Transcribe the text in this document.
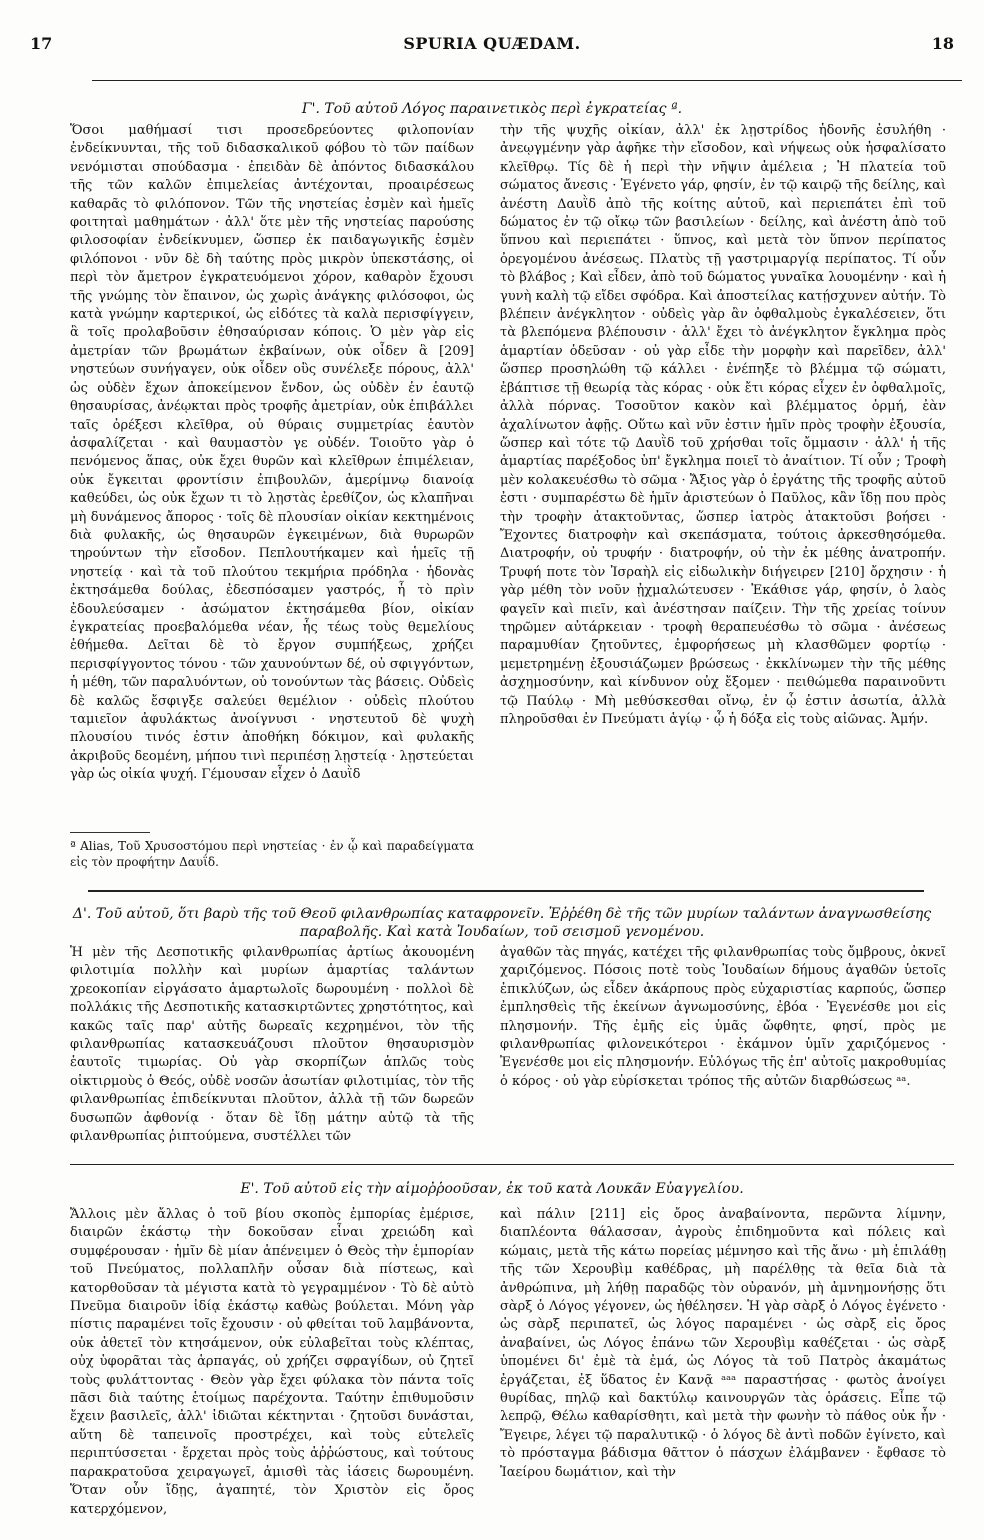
17	SPURIA QUÆDAM.	18
Γ'. Τοῦ αὐτοῦ Λόγος παραινετικὸς περὶ ἐγκρατείας ª.

Ὅσοι μαθήμασί τισι προσεδρεύοντες φιλοπονίαν ἐνδείκνυνται, τῆς τοῦ διδασκαλικοῦ φόβου τὸ τῶν παίδων νενόμισται σπούδασμα · ἐπειδὰν δὲ ἀπόντος διδασκάλου τῆς τῶν καλῶν ἐπιμελείας ἀντέχονται, προαιρέσεως καθαρᾶς τὸ φιλόπονον. Τῶν τῆς νηστείας ἐσμὲν καὶ ἡμεῖς φοιτηταὶ μαθημάτων · ἀλλ' ὅτε μὲν τῆς νηστείας παρούσης φιλοσοφίαν ἐνδείκνυμεν, ὥσπερ ἐκ παιδαγωγικῆς ἐσμὲν φιλόπονοι · νῦν δὲ δὴ ταύτης πρὸς μικρὸν ὑπεκστάσης, οἱ περὶ τὸν ἄμετρον ἐγκρατευόμενοι χόρον, καθαρὸν ἔχουσι τῆς γνώμης τὸν ἔπαινον, ὡς χωρὶς ἀνάγκης φιλόσοφοι, ὡς κατὰ γνώμην καρτερικοί, ὡς εἰδότες τὰ καλὰ περισφίγγειν, ἃ τοῖς προλαβοῦσιν ἐθησαύρισαν κόποις. Ὁ μὲν γὰρ εἰς ἀμετρίαν τῶν βρωμάτων ἐκβαίνων, οὐκ οἶδεν ἃ [209] νηστεύων συνήγαγεν, οὐκ οἶδεν οὓς συνέλεξε πόρους, ἀλλ' ὡς οὐδὲν ἔχων ἀποκείμενον ἔνδον, ὡς οὐδὲν ἐν ἑαυτῷ θησαυρίσας, ἀνέῳκται πρὸς τροφῆς ἀμετρίαν, οὐκ ἐπιβάλλει ταῖς ὀρέξεσι κλεῖθρα, οὐ θύραις συμμετρίας ἑαυτὸν ἀσφαλίζεται · καὶ θαυμαστὸν γε οὐδέν. Τοιοῦτο γὰρ ὁ πενόμενος ἅπας, οὐκ ἔχει θυρῶν καὶ κλεῖθρων ἐπιμέλειαν, οὐκ ἔγκειται φροντίσιν ἐπιβουλῶν, ἀμερίμνῳ διανοίᾳ καθεύδει, ὡς οὐκ ἔχων τι τὸ λῃστὰς ἐρεθίζον, ὡς κλαπῆναι μὴ δυνάμενος ἄπορος · τοῖς δὲ πλουσίαν οἰκίαν κεκτημένοις διὰ φυλακῆς, ὡς θησαυρῶν ἐγκειμένων, διὰ θυρωρῶν τηρούντων τὴν εἴσοδον. Πεπλουτήκαμεν καὶ ἡμεῖς τῇ νηστείᾳ · καὶ τὰ τοῦ πλούτου τεκμήρια πρόδηλα · ἡδονὰς ἐκτησάμεθα δούλας, ἐδεσπόσαμεν γαστρός, ἧ τὸ πρὶν ἐδουλεύσαμεν · ἀσώματον ἐκτησάμεθα βίον, οἰκίαν ἐγκρατείας προεβαλόμεθα νέαν, ἧς τέως τοὺς θεμελίους ἐθήμεθα. Δεῖται δὲ τὸ ἔργον συμπήξεως, χρήζει περισφίγγοντος τόνου · τῶν χαυνούντων δέ, οὐ σφιγγόντων, ἡ μέθη, τῶν παραλυόντων, οὐ τονούντων τὰς βάσεις. Οὐδεὶς δὲ καλῶς ἔσφιγξε σαλεύει θεμέλιον · οὐδεὶς πλούτου ταμιεῖον ἀφυλάκτως ἀνοίγνυσι · νηστευτοῦ δὲ ψυχὴ πλουσίου τινός ἐστιν ἀποθήκη δόκιμον, καὶ φυλακῆς ἀκριβοῦς δεομένη, μήπου τινὶ περιπέσῃ λῃστείᾳ · λῃστεύεται γὰρ ὡς οἰκία ψυχή. Γέμουσαν εἶχεν ὁ Δαυῒδ

ª Alias, Τοῦ Χρυσοστόμου περὶ νηστείας · ἐν ᾧ καὶ παραδείγματα εἰς τὸν προφήτην Δαυΐδ.

τὴν τῆς ψυχῆς οἰκίαν, ἀλλ' ἐκ λῃστρίδος ἡδονῆς ἐσυλήθη · ἀνεῳγμένην γὰρ ἀφῆκε τὴν εἴσοδον, καὶ νήψεως οὐκ ἠσφαλίσατο κλεῖθρῳ. Τίς δὲ ἡ περὶ τὴν νῆψιν ἀμέλεια ; Ἡ πλατεία τοῦ σώματος ἄνεσις · Ἐγένετο γάρ, φησίν, ἐν τῷ καιρῷ τῆς δείλης, καὶ ἀνέστη Δαυῒδ ἀπὸ τῆς κοίτης αὐτοῦ, καὶ περιεπάτει ἐπὶ τοῦ δώματος ἐν τῷ οἴκῳ τῶν βασιλείων · δείλης, καὶ ἀνέστη ἀπὸ τοῦ ὕπνου καὶ περιεπάτει · ὕπνος, καὶ μετὰ τὸν ὕπνον περίπατος ὀρεγομένου ἀνέσεως. Πλατὺς τῇ γαστριμαργίᾳ περίπατος. Τί οὖν τὸ βλάβος ; Καὶ εἶδεν, ἀπὸ τοῦ δώματος γυναῖκα λουομένην · καὶ ἡ γυνὴ καλὴ τῷ εἴδει σφόδρα. Καὶ ἀποστείλας κατῄσχυνεν αὐτήν. Τὸ βλέπειν ἀνέγκλητον · οὐδεὶς γὰρ ἂν ὀφθαλμοὺς ἐγκαλέσειεν, ὅτι τὰ βλεπόμενα βλέπουσιν · ἀλλ' ἔχει τὸ ἀνέγκλητον ἔγκλημα πρὸς ἁμαρτίαν ὁδεῦσαν · οὐ γὰρ εἶδε τὴν μορφὴν καὶ παρεῖδεν, ἀλλ' ὥσπερ προσηλώθη τῷ κάλλει · ἐνέπηξε τὸ βλέμμα τῷ σώματι, ἐβάπτισε τῇ θεωρίᾳ τὰς κόρας · οὐκ ἔτι κόρας εἶχεν ἐν ὀφθαλμοῖς, ἀλλὰ πόρνας. Τοσοῦτον κακὸν καὶ βλέμματος ὁρμή, ἐὰν ἀχαλίνωτον ἀφῇς. Οὕτω καὶ νῦν ἐστιν ἡμῖν πρὸς τροφὴν ἐξουσία, ὥσπερ καὶ τότε τῷ Δαυῒδ τοῦ χρήσθαι τοῖς ὄμμασιν · ἀλλ' ἡ τῆς ἁμαρτίας παρέξοδος ὑπ' ἔγκλημα ποιεῖ τὸ ἀναίτιον. Τί οὖν ; Τροφὴ μὲν κολακευέσθω τὸ σῶμα · Ἄξιος γὰρ ὁ ἐργάτης τῆς τροφῆς αὐτοῦ ἐστι · συμπαρέστω δὲ ἡμῖν ἀριστεύων ὁ Παῦλος, κἂν ἴδῃ που πρὸς τὴν τροφὴν ἀτακτοῦντας, ὥσπερ ἰατρὸς ἀτακτοῦσι βοήσει · Ἔχοντες διατροφὴν καὶ σκεπάσματα, τούτοις ἀρκεσθησόμεθα. Διατροφήν, οὐ τρυφήν · διατροφήν, οὐ τὴν ἐκ μέθης ἀνατροπήν. Τρυφή ποτε τὸν Ἰσραὴλ εἰς εἰδωλικὴν διήγειρεν [210] ὄρχησιν · ἡ γὰρ μέθη τὸν νοῦν ᾐχμαλώτευσεν · Ἐκάθισε γάρ, φησίν, ὁ λαὸς φαγεῖν καὶ πιεῖν, καὶ ἀνέστησαν παίζειν. Τὴν τῆς χρείας τοίνυν τηρῶμεν αὐτάρκειαν · τροφὴ θεραπευέσθω τὸ σῶμα · ἀνέσεως παραμυθίαν ζητοῦντες, ἐμφορήσεως μὴ κλασθῶμεν φορτίῳ · μεμετρημένῃ ἐξουσιάζωμεν βρώσεως · ἐκκλίνωμεν τὴν τῆς μέθης ἀσχημοσύνην, καὶ κίνδυνον οὐχ ἔξομεν · πειθώμεθα παραινοῦντι τῷ Παύλῳ · Μὴ μεθύσκεσθαι οἴνῳ, ἐν ᾧ ἐστιν ἀσωτία, ἀλλὰ πληροῦσθαι ἐν Πνεύματι ἁγίῳ · ᾧ ἡ δόξα εἰς τοὺς αἰῶνας. Ἀμήν.

Δ'. Τοῦ αὐτοῦ, ὅτι βαρὺ τῆς τοῦ Θεοῦ φιλανθρωπίας καταφρονεῖν. Ἐῤῥέθη δὲ τῆς τῶν μυρίων ταλάντων ἀναγνωσθείσης παραβολῆς. Καὶ κατὰ Ἰουδαίων, τοῦ σεισμοῦ γενομένου.

Ἡ μὲν τῆς Δεσποτικῆς φιλανθρωπίας ἀρτίως ἀκουομένη φιλοτιμία πολλὴν καὶ μυρίων ἁμαρτίας ταλάντων χρεοκοπίαν εἰργάσατο ἁμαρτωλοῖς δωρουμένη · πολλοὶ δὲ πολλάκις τῆς Δεσποτικῆς κατασκιρτῶντες χρηστότητος, καὶ κακῶς ταῖς παρ' αὐτῆς δωρεαῖς κεχρημένοι, τὸν τῆς φιλανθρωπίας κατασκευάζουσι πλοῦτον θησαυρισμὸν ἑαυτοῖς τιμωρίας. Οὐ γὰρ σκορπίζων ἁπλῶς τοὺς οἰκτιρμοὺς ὁ Θεός, οὐδὲ νοσῶν ἀσωτίαν φιλοτιμίας, τὸν τῆς φιλανθρωπίας ἐπιδείκνυται πλοῦτον, ἀλλὰ τῇ τῶν δωρεῶν δυσωπῶν ἀφθονίᾳ · ὅταν δὲ ἴδῃ μάτην αὐτῷ τὰ τῆς φιλανθρωπίας ῥιπτούμενα, συστέλλει τῶν

ἀγαθῶν τὰς πηγάς, κατέχει τῆς φιλανθρωπίας τοὺς ὄμβρους, ὀκνεῖ χαριζόμενος. Πόσοις ποτὲ τοὺς Ἰουδαίων δήμους ἀγαθῶν ὑετοῖς ἐπικλύζων, ὡς εἶδεν ἀκάρπους πρὸς εὐχαριστίας καρπούς, ὥσπερ ἐμπλησθεὶς τῆς ἐκείνων ἀγνωμοσύνης, ἐβόα · Ἐγενέσθε μοι εἰς πλησμονήν. Τῆς ἐμῆς εἰς ὑμᾶς ὤφθητε, φησί, πρὸς με φιλανθρωπίας φιλονεικότεροι · ἐκάμνον ὑμῖν χαριζόμενος · Ἐγενέσθε μοι εἰς πλησμονήν. Εὐλόγως τῆς ἐπ' αὐτοῖς μακροθυμίας ὁ κόρος · οὐ γὰρ εὑρίσκεται τρόπος τῆς αὐτῶν διαρθώσεως ᵃᵃ.

Ε'. Τοῦ αὐτοῦ εἰς τὴν αἱμοῤῥοοῦσαν, ἐκ τοῦ κατὰ Λουκᾶν Εὐαγγελίου.

Ἄλλοις μὲν ἄλλας ὁ τοῦ βίου σκοπὸς ἐμπορίας ἐμέρισε, διαιρῶν ἑκάστῳ τὴν δοκοῦσαν εἶναι χρειώδη καὶ συμφέρουσαν · ἡμῖν δὲ μίαν ἀπένειμεν ὁ Θεὸς τὴν ἐμπορίαν τοῦ Πνεύματος, πολλαπλῆν οὖσαν διὰ πίστεως, καὶ κατορθοῦσαν τὰ μέγιστα κατὰ τὸ γεγραμμένον · Τὸ δὲ αὐτὸ Πνεῦμα διαιροῦν ἰδίᾳ ἑκάστῳ καθὼς βούλεται. Μόνη γὰρ πίστις παραμένει τοῖς ἔχουσιν · οὐ φθείται τοῦ λαμβάνοντα, οὐκ ἀθετεῖ τὸν κτησάμενον, οὐκ εὐλαβεῖται τοὺς κλέπτας, οὐχ ὑφορᾶται τὰς ἁρπαγάς, οὐ χρήζει σφραγίδων, οὐ ζητεῖ τοὺς φυλάττοντας · Θεὸν γὰρ ἔχει φύλακα τὸν πάντα τοῖς πᾶσι διὰ ταύτης ἑτοίμως παρέχοντα. Ταύτην ἐπιθυμοῦσιν ἔχειν βασιλεῖς, ἀλλ' ἰδιῶται κέκτηνται · ζητοῦσι δυνάσται, αὕτη δὲ ταπεινοῖς προστρέχει, καὶ τοὺς εὐτελεῖς περιπτύσσεται · ἔρχεται πρὸς τοὺς ἀῤῥώστους, καὶ τούτους παρακρατοῦσα χειραγωγεῖ, ἀμισθὶ τὰς ἰάσεις δωρουμένη. Ὅταν οὖν ἴδῃς, ἀγαπητέ, τὸν Χριστὸν εἰς ὄρος κατερχόμενον,

καὶ πάλιν [211] εἰς ὄρος ἀναβαίνοντα, περῶντα λίμνην, διαπλέοντα θάλασσαν, ἀγροὺς ἐπιδημοῦντα καὶ πόλεις καὶ κώμαις, μετὰ τῆς κάτω πορείας μέμνησο καὶ τῆς ἄνω · μὴ ἐπιλάθῃ τῆς τῶν Χερουβὶμ καθέδρας, μὴ παρέλθῃς τὰ θεῖα διὰ τὰ ἀνθρώπινα, μὴ λήθῃ παραδῷς τὸν οὐρανόν, μὴ ἀμνημονήσῃς ὅτι σὰρξ ὁ Λόγος γέγονεν, ὡς ἠθέλησεν. Ἡ γὰρ σὰρξ ὁ Λόγος ἐγένετο · ὡς σὰρξ περιπατεῖ, ὡς λόγος παραμένει · ὡς σὰρξ εἰς ὄρος ἀναβαίνει, ὡς Λόγος ἐπάνω τῶν Χερουβὶμ καθέζεται · ὡς σὰρξ ὑπομένει δι' ἐμὲ τὰ ἐμά, ὡς Λόγος τὰ τοῦ Πατρὸς ἀκαμάτως ἐργάζεται, ἐξ ὕδατος ἐν Κανᾷ ᵃᵃᵃ παραστήσας · φωτὸς ἀνοίγει θυρίδας, πηλῷ καὶ δακτύλῳ καινουργῶν τὰς ὁράσεις. Εἶπε τῷ λεπρῷ, Θέλω καθαρίσθητι, καὶ μετὰ τὴν φωνὴν τὸ πάθος οὐκ ἦν · Ἔγειρε, λέγει τῷ παραλυτικῷ · ὁ λόγος δὲ ἀντὶ ποδῶν ἐγίνετο, καὶ τὸ πρόσταγμα βάδισμα θᾶττον ὁ πάσχων ἐλάμβανεν · ἔφθασε τὸ Ἰαείρου δωμάτιον, καὶ τὴν
